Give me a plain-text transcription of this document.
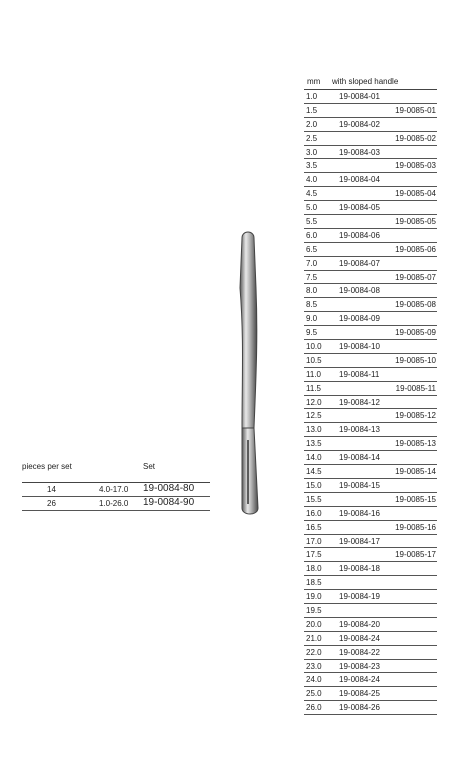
pieces per set	Set
14	4.0-17.0 19-0084-80
26	1.0-26.0 19-0084-90
mm with sloped handle
1.0	19-0084-01
1.5	19-0085-01
2.0	19-0084-02
2.5	19-0085-02
3.0	19-0084-03
3.5	19-0085-03
4.0	19-0084-04
4.5	19-0085-04
5.0	19-0084-05
5.5	19-0085-05
6.0	19-0084-06
6.5	19-0085-06
7.0	19-0084-07
7.5	19-0085-07
8.0	19-0084-08
8.5	19-0085-08
9.0	19-0084-09
9.5	19-0085-09
10.0 19-0084-10
10.5	19-0085-10
11.0 19-0084-11
11.5	19-0085-11
12.0 19-0084-12
12.5	19-0085-12
13.0 19-0084-13
13.5	19-0085-13
14.0 19-0084-14
14.5	19-0085-14
15.0 19-0084-15
15.5	19-0085-15
16.0 19-0084-16
16.5	19-0085-16
17.0 19-0084-17
17.5	19-0085-17
18.0 19-0084-18
18.5
19.0 19-0084-19
19.5
20.0 19-0084-20
21.0 19-0084-24
22.0 19-0084-22
23.0 19-0084-23
24.0 19-0084-24
25.0 19-0084-25
26.0 19-0084-26
